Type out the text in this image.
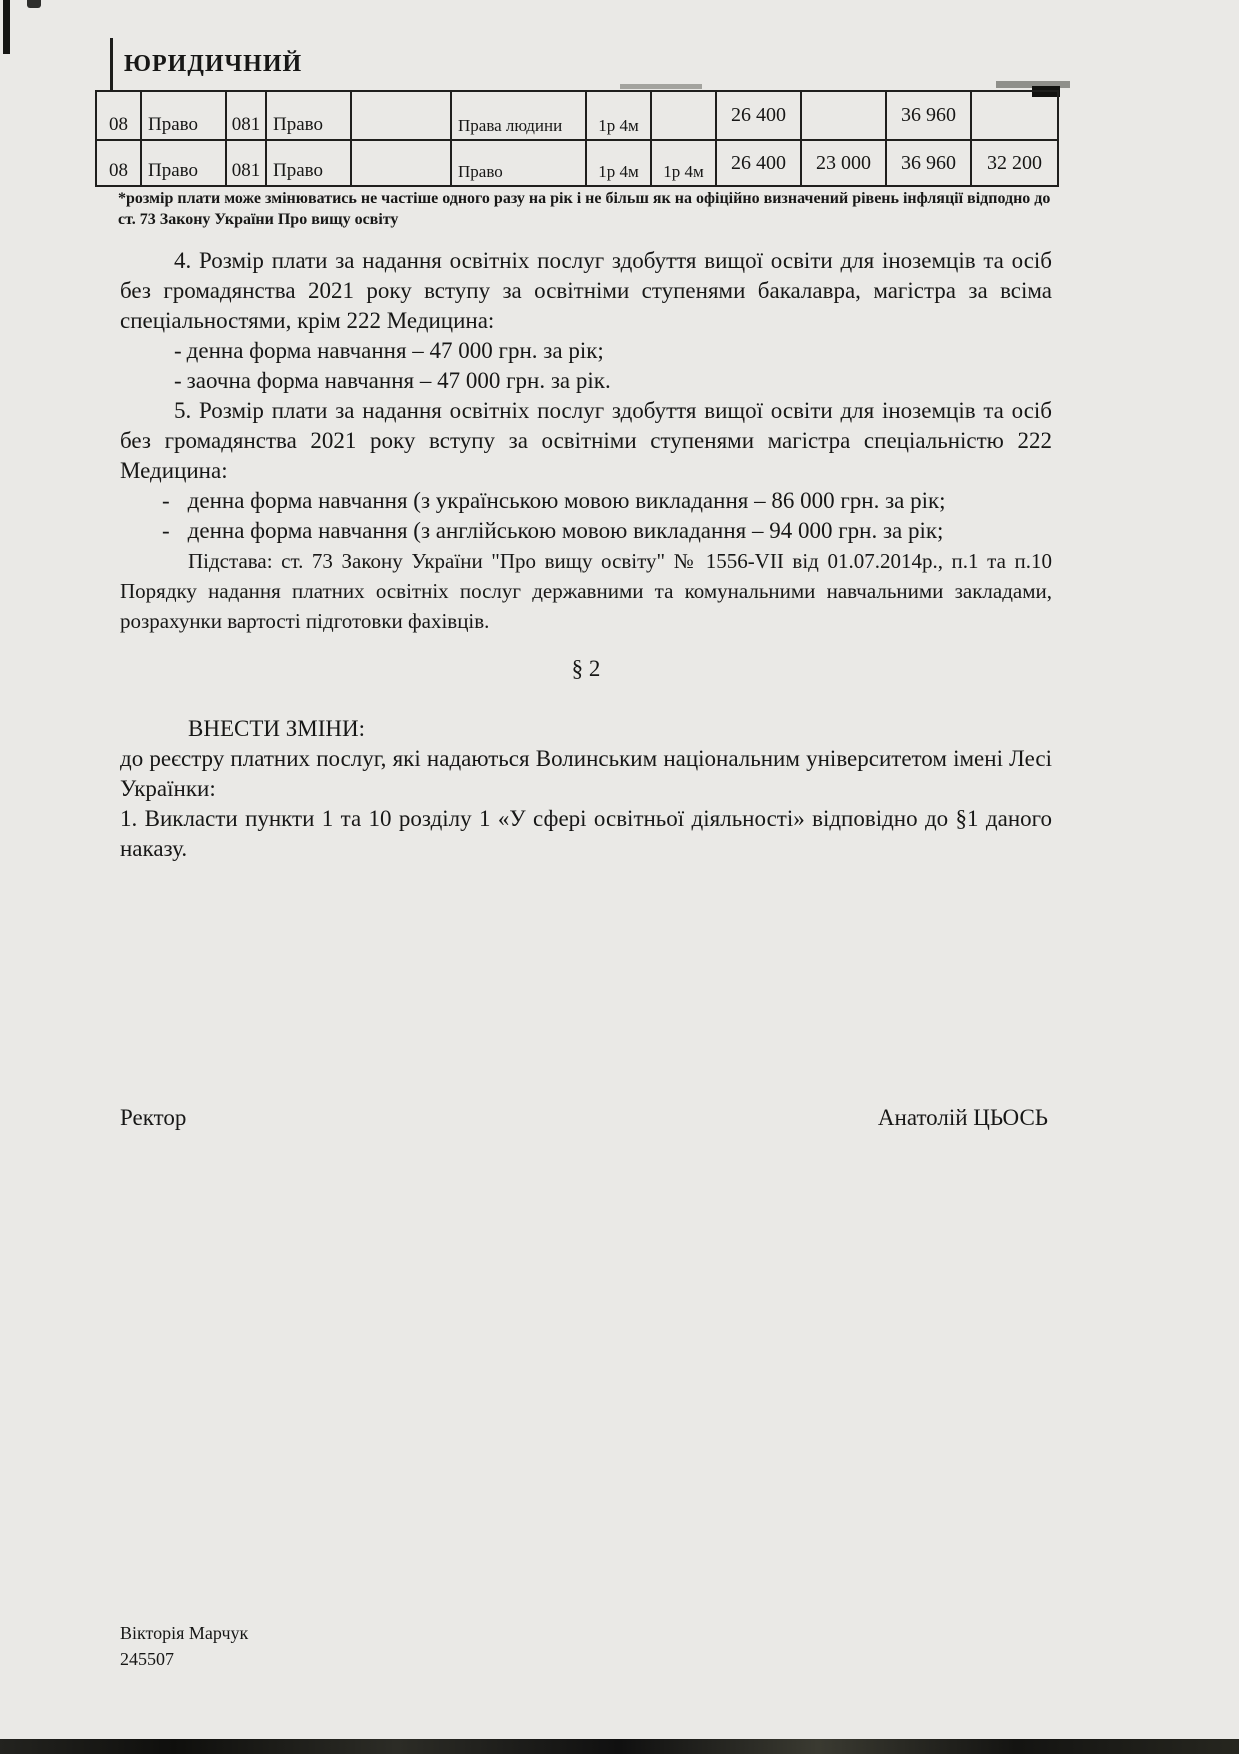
ЮРИДИЧНИЙ
08	Право	081	Право		Права людини	1р 4м		26 400		36 960	
08	Право	081	Право		Право	1р 4м	1р 4м	26 400	23 000	36 960	32 200
*розмір плати може змінюватись не частіше одного разу на рік і не більш як на офіційно визначений рівень інфляції відподно до ст. 73 Закону України Про вищу освіту

4. Розмір плати за надання освітніх послуг здобуття вищої освіти для іноземців та осіб без громадянства 2021 року вступу за освітніми ступенями бакалавра, магістра за всіма спеціальностями, крім 222 Медицина:

- денна форма навчання – 47 000 грн. за рік;
- заочна форма навчання – 47 000 грн. за рік.

5. Розмір плати за надання освітніх послуг здобуття вищої освіти для іноземців та осіб без громадянства 2021 року вступу за освітніми ступенями магістра спеціальністю 222 Медицина:

- денна форма навчання (з українською мовою викладання – 86 000 грн. за рік;
- денна форма навчання (з англійською мовою викладання – 94 000 грн. за рік;

Підстава: ст. 73 Закону України "Про вищу освіту" № 1556-VII від 01.07.2014р., п.1 та п.10 Порядку надання платних освітніх послуг державними та комунальними навчальними закладами, розрахунки вартості підготовки фахівців.

§ 2
ВНЕСТИ ЗМІНИ:

до реєстру платних послуг, які надаються Волинським національним університетом імені Лесі Українки:

1. Викласти пункти 1 та 10 розділу 1 «У сфері освітньої діяльності» відповідно до §1 даного наказу.

Ректор	Анатолій ЦЬОСЬ
Вікторія Марчук
245507
